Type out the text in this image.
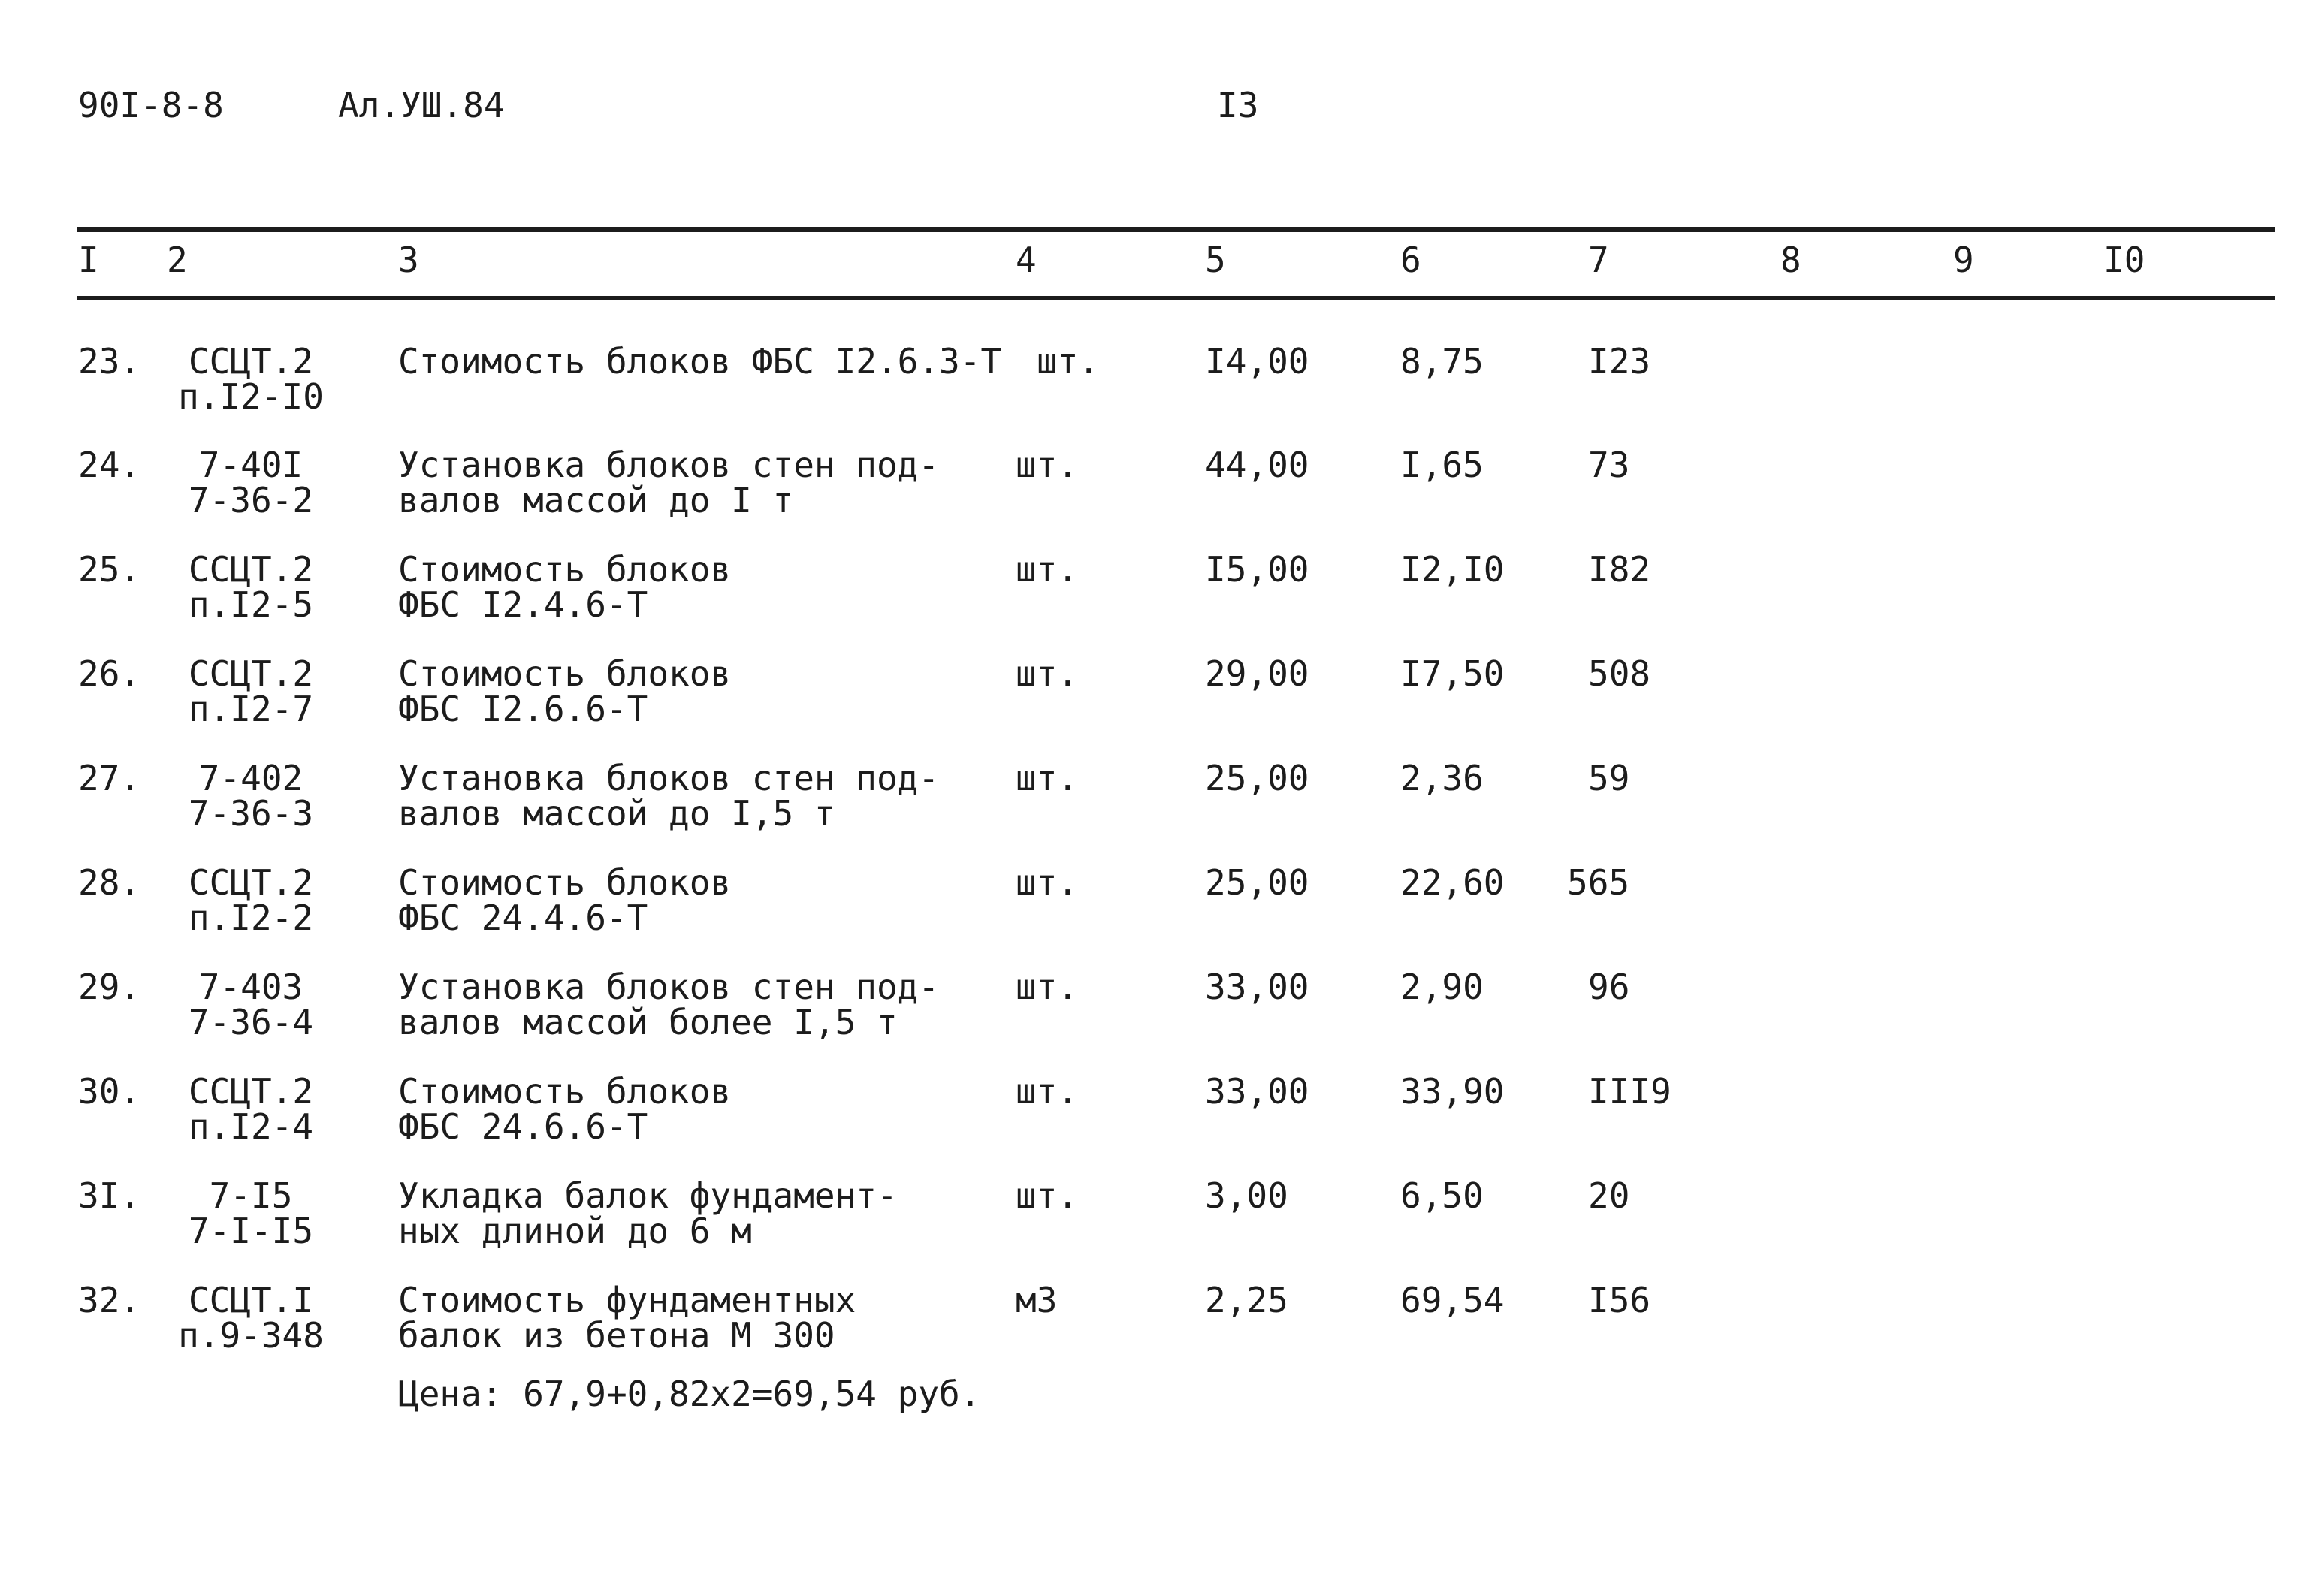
90I-8-8	Ал.УШ.84	I3
I 2	3	4	5	6	7	8	9	I0
23.	ССЦТ.2
п.I2-I0
Стоимость блоков ФБС I2.6.3-Т шт.	I4,00	8,75	I23
24.	7-40I
7-36-2
Установка блоков стен под-
валов массой до I т
шт.	44,00	I,65	73
25.	ССЦТ.2
п.I2-5
Стоимость блоков
ФБС I2.4.6-Т
шт.	I5,00	I2,I0 I82
26.	ССЦТ.2
п.I2-7
Стоимость блоков
ФБС I2.6.6-Т
шт.	29,00	I7,50 508
27.	7-402
7-36-3
Установка блоков стен под-
валов массой до I,5 т
шт.	25,00	2,36	59
28.	ССЦТ.2
п.I2-2
Стоимость блоков
ФБС 24.4.6-Т
шт.	25,00	22,60 565
29.	7-403
7-36-4
Установка блоков стен под-
валов массой более I,5 т
шт.	33,00	2,90	96
30.	ССЦТ.2
п.I2-4
Стоимость блоков
ФБС 24.6.6-Т
шт.	33,00	33,90 III9
3I.	7-I5
7-I-I5
Укладка балок фундамент-
ных длиной до 6 м
шт.	3,00	6,50	20
32.	ССЦТ.I
п.9-348
Стоимость фундаментных
балок из бетона М 300
м3	2,25	69,54 I56
Цена: 67,9+0,82х2=69,54 руб.
